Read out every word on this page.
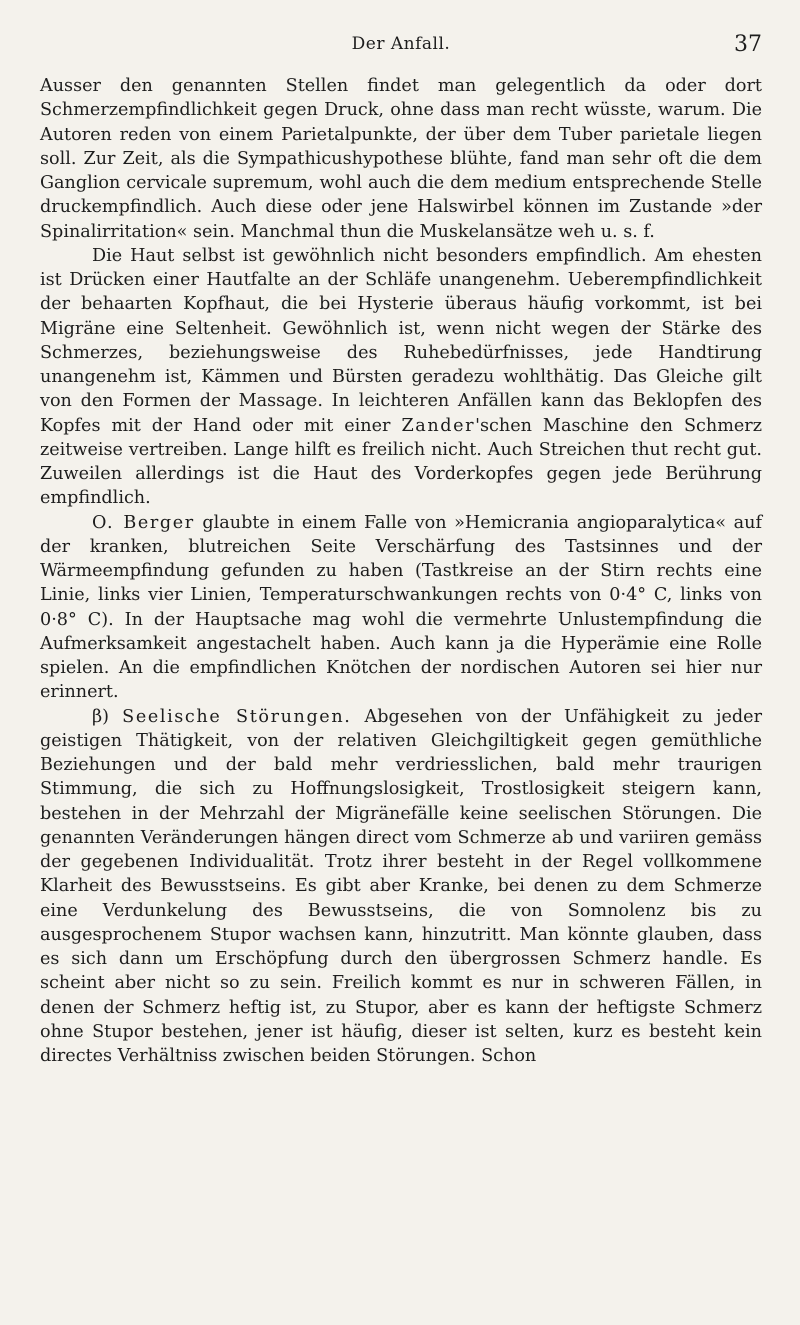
Der Anfall.	37

Ausser den genannten Stellen findet man gelegentlich da oder dort Schmerzempfindlichkeit gegen Druck, ohne dass man recht wüsste, warum. Die Autoren reden von einem Parietalpunkte, der über dem Tuber parietale liegen soll. Zur Zeit, als die Sympathicushypothese blühte, fand man sehr oft die dem Ganglion cervicale supremum, wohl auch die dem medium entsprechende Stelle druckempfindlich. Auch diese oder jene Halswirbel können im Zustande »der Spinalirritation« sein. Manchmal thun die Muskelansätze weh u. s. f.

Die Haut selbst ist gewöhnlich nicht besonders empfindlich. Am ehesten ist Drücken einer Hautfalte an der Schläfe unangenehm. Ueberempfindlichkeit der behaarten Kopfhaut, die bei Hysterie überaus häufig vorkommt, ist bei Migräne eine Seltenheit. Gewöhnlich ist, wenn nicht wegen der Stärke des Schmerzes, beziehungsweise des Ruhebedürfnisses, jede Handtirung unangenehm ist, Kämmen und Bürsten geradezu wohlthätig. Das Gleiche gilt von den Formen der Massage. In leichteren Anfällen kann das Beklopfen des Kopfes mit der Hand oder mit einer Zander'schen Maschine den Schmerz zeitweise vertreiben. Lange hilft es freilich nicht. Auch Streichen thut recht gut. Zuweilen allerdings ist die Haut des Vorderkopfes gegen jede Berührung empfindlich.

O. Berger glaubte in einem Falle von »Hemicrania angioparalytica« auf der kranken, blutreichen Seite Verschärfung des Tastsinnes und der Wärmeempfindung gefunden zu haben (Tastkreise an der Stirn rechts eine Linie, links vier Linien, Temperaturschwankungen rechts von 0·4° C, links von 0·8° C). In der Hauptsache mag wohl die vermehrte Unlustempfindung die Aufmerksamkeit angestachelt haben. Auch kann ja die Hyperämie eine Rolle spielen. An die empfindlichen Knötchen der nordischen Autoren sei hier nur erinnert.

β) Seelische Störungen. Abgesehen von der Unfähigkeit zu jeder geistigen Thätigkeit, von der relativen Gleichgiltigkeit gegen gemüthliche Beziehungen und der bald mehr verdriesslichen, bald mehr traurigen Stimmung, die sich zu Hoffnungslosigkeit, Trostlosigkeit steigern kann, bestehen in der Mehrzahl der Migränefälle keine seelischen Störungen. Die genannten Veränderungen hängen direct vom Schmerze ab und variiren gemäss der gegebenen Individualität. Trotz ihrer besteht in der Regel vollkommene Klarheit des Bewusstseins. Es gibt aber Kranke, bei denen zu dem Schmerze eine Verdunkelung des Bewusstseins, die von Somnolenz bis zu ausgesprochenem Stupor wachsen kann, hinzutritt. Man könnte glauben, dass es sich dann um Erschöpfung durch den übergrossen Schmerz handle. Es scheint aber nicht so zu sein. Freilich kommt es nur in schweren Fällen, in denen der Schmerz heftig ist, zu Stupor, aber es kann der heftigste Schmerz ohne Stupor bestehen, jener ist häufig, dieser ist selten, kurz es besteht kein directes Verhältniss zwischen beiden Störungen. Schon
